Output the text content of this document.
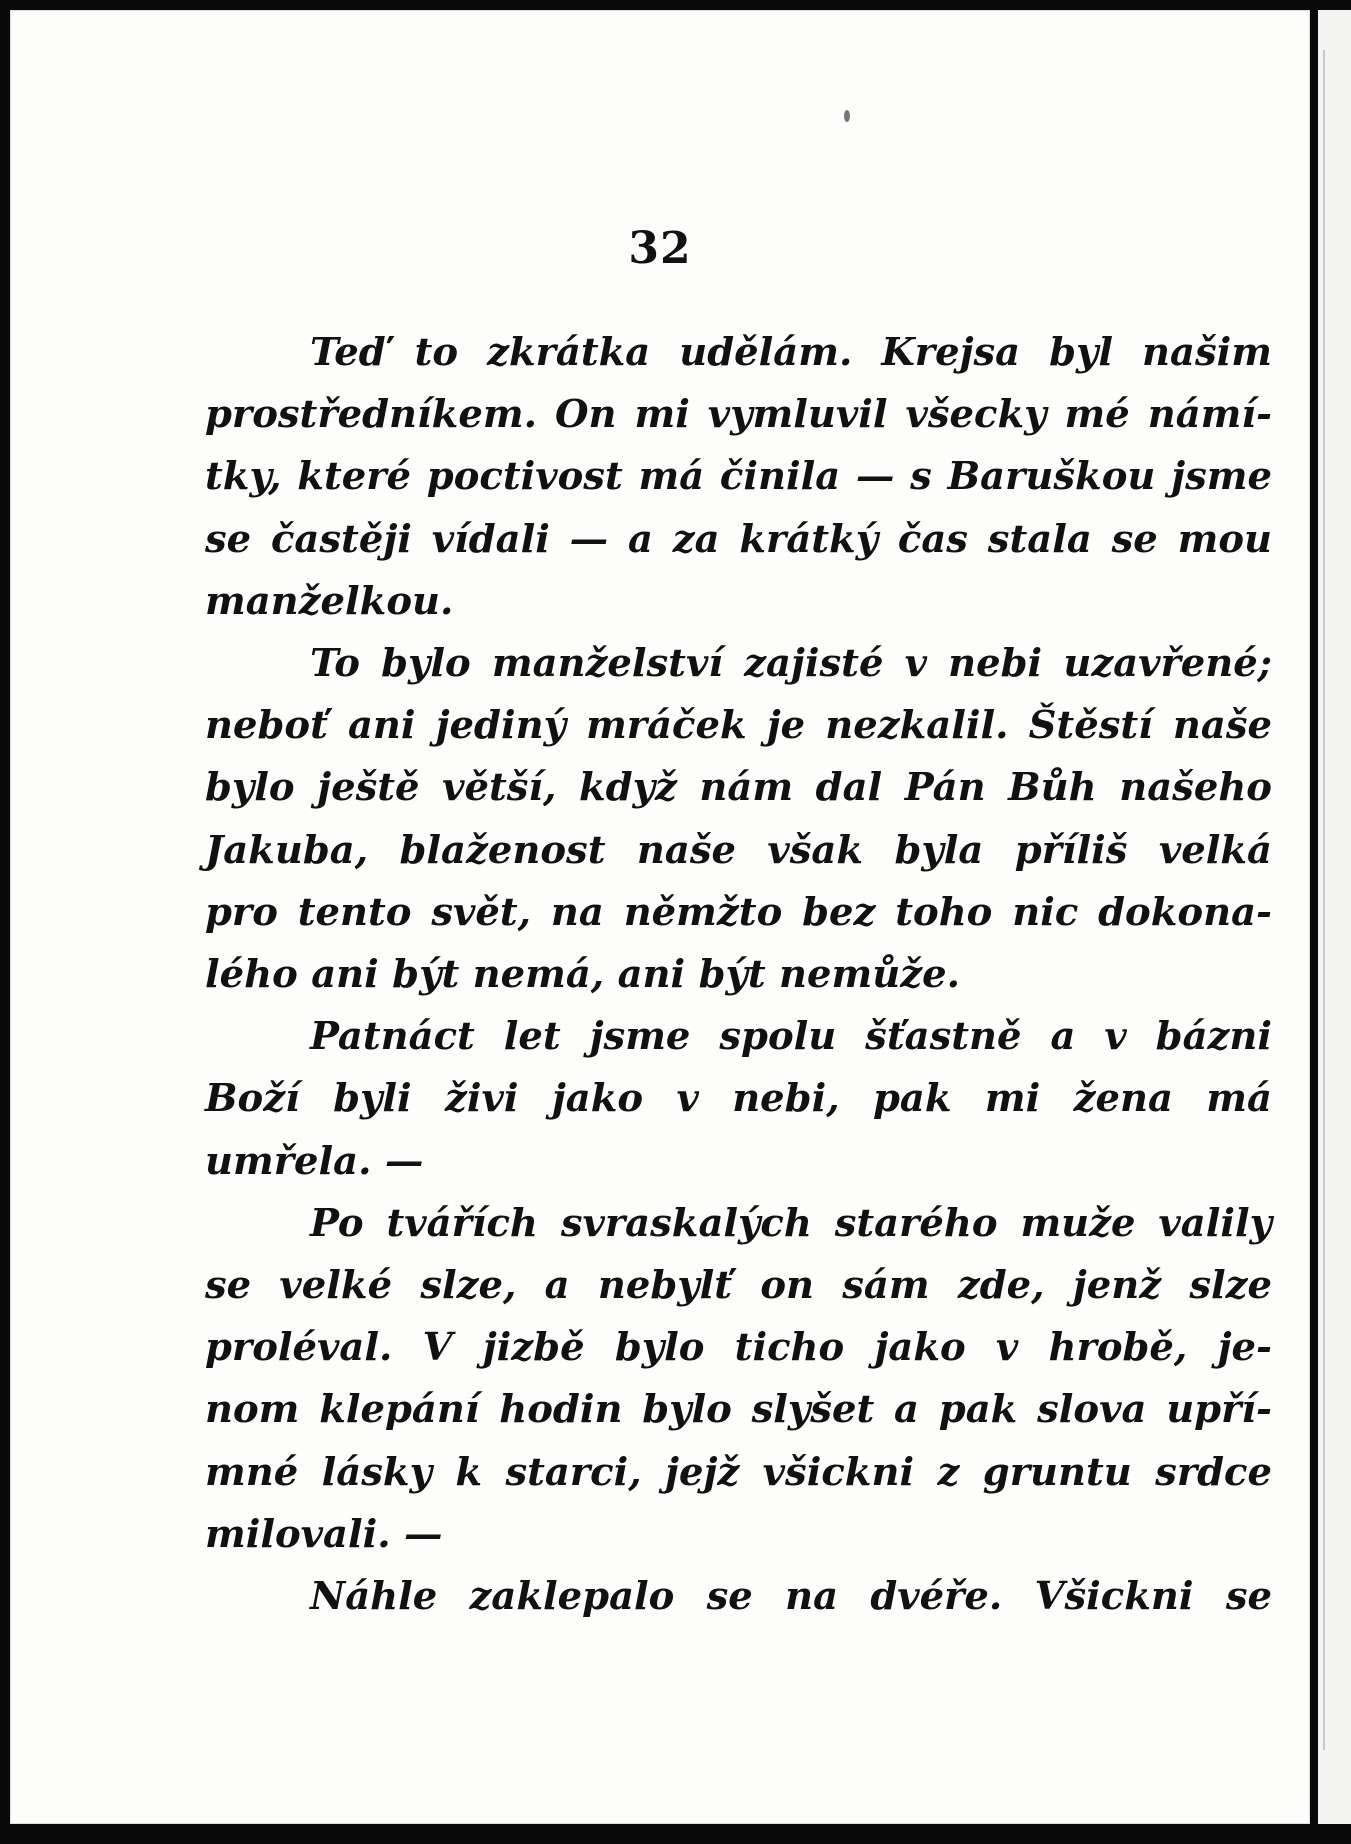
32

Teď to zkrátka udělám. Krejsa byl našim
prostředníkem. On mi vymluvil všecky mé námí-
tky, které poctivost má činila — s Baruškou jsme
se častěji vídali — a za krátký čas stala se mou
manželkou.

To bylo manželství zajisté v nebi uzavřené;
neboť ani jediný mráček je nezkalil. Štěstí naše
bylo ještě větší, když nám dal Pán Bůh našeho
Jakuba, blaženost naše však byla příliš velká
pro tento svět, na němžto bez toho nic dokona-
lého ani být nemá, ani být nemůže.

Patnáct let jsme spolu šťastně a v bázni
Boží byli živi jako v nebi, pak mi žena má
umřela. —

Po tvářích svraskalých starého muže valily
se velké slze, a nebylť on sám zde, jenž slze
proléval. V jizbě bylo ticho jako v hrobě, je-
nom klepání hodin bylo slyšet a pak slova upří-
mné lásky k starci, jejž všickni z gruntu srdce
milovali. —

Náhle zaklepalo se na dvéře. Všickni se
